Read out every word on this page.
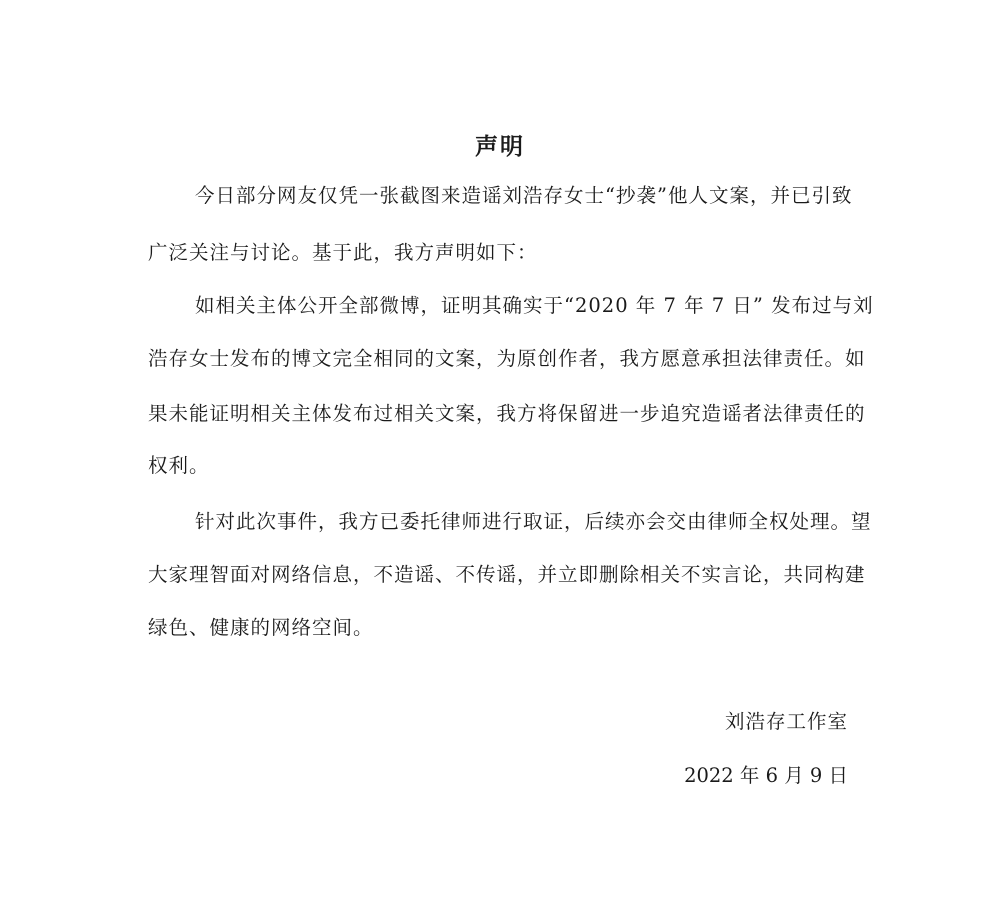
声明
今日部分网友仅凭一张截图来造谣刘浩存女士“抄袭”他人文案，并已引致
广泛关注与讨论。基于此，我方声明如下：
如相关主体公开全部微博，证明其确实于“2020 年 7 年 7 日” 发布过与刘
浩存女士发布的博文完全相同的文案，为原创作者，我方愿意承担法律责任。如
果未能证明相关主体发布过相关文案，我方将保留进一步追究造谣者法律责任的
权利。
针对此次事件，我方已委托律师进行取证，后续亦会交由律师全权处理。望
大家理智面对网络信息，不造谣、不传谣，并立即删除相关不实言论，共同构建
绿色、健康的网络空间。
刘浩存工作室
2022 年 6 月 9 日
